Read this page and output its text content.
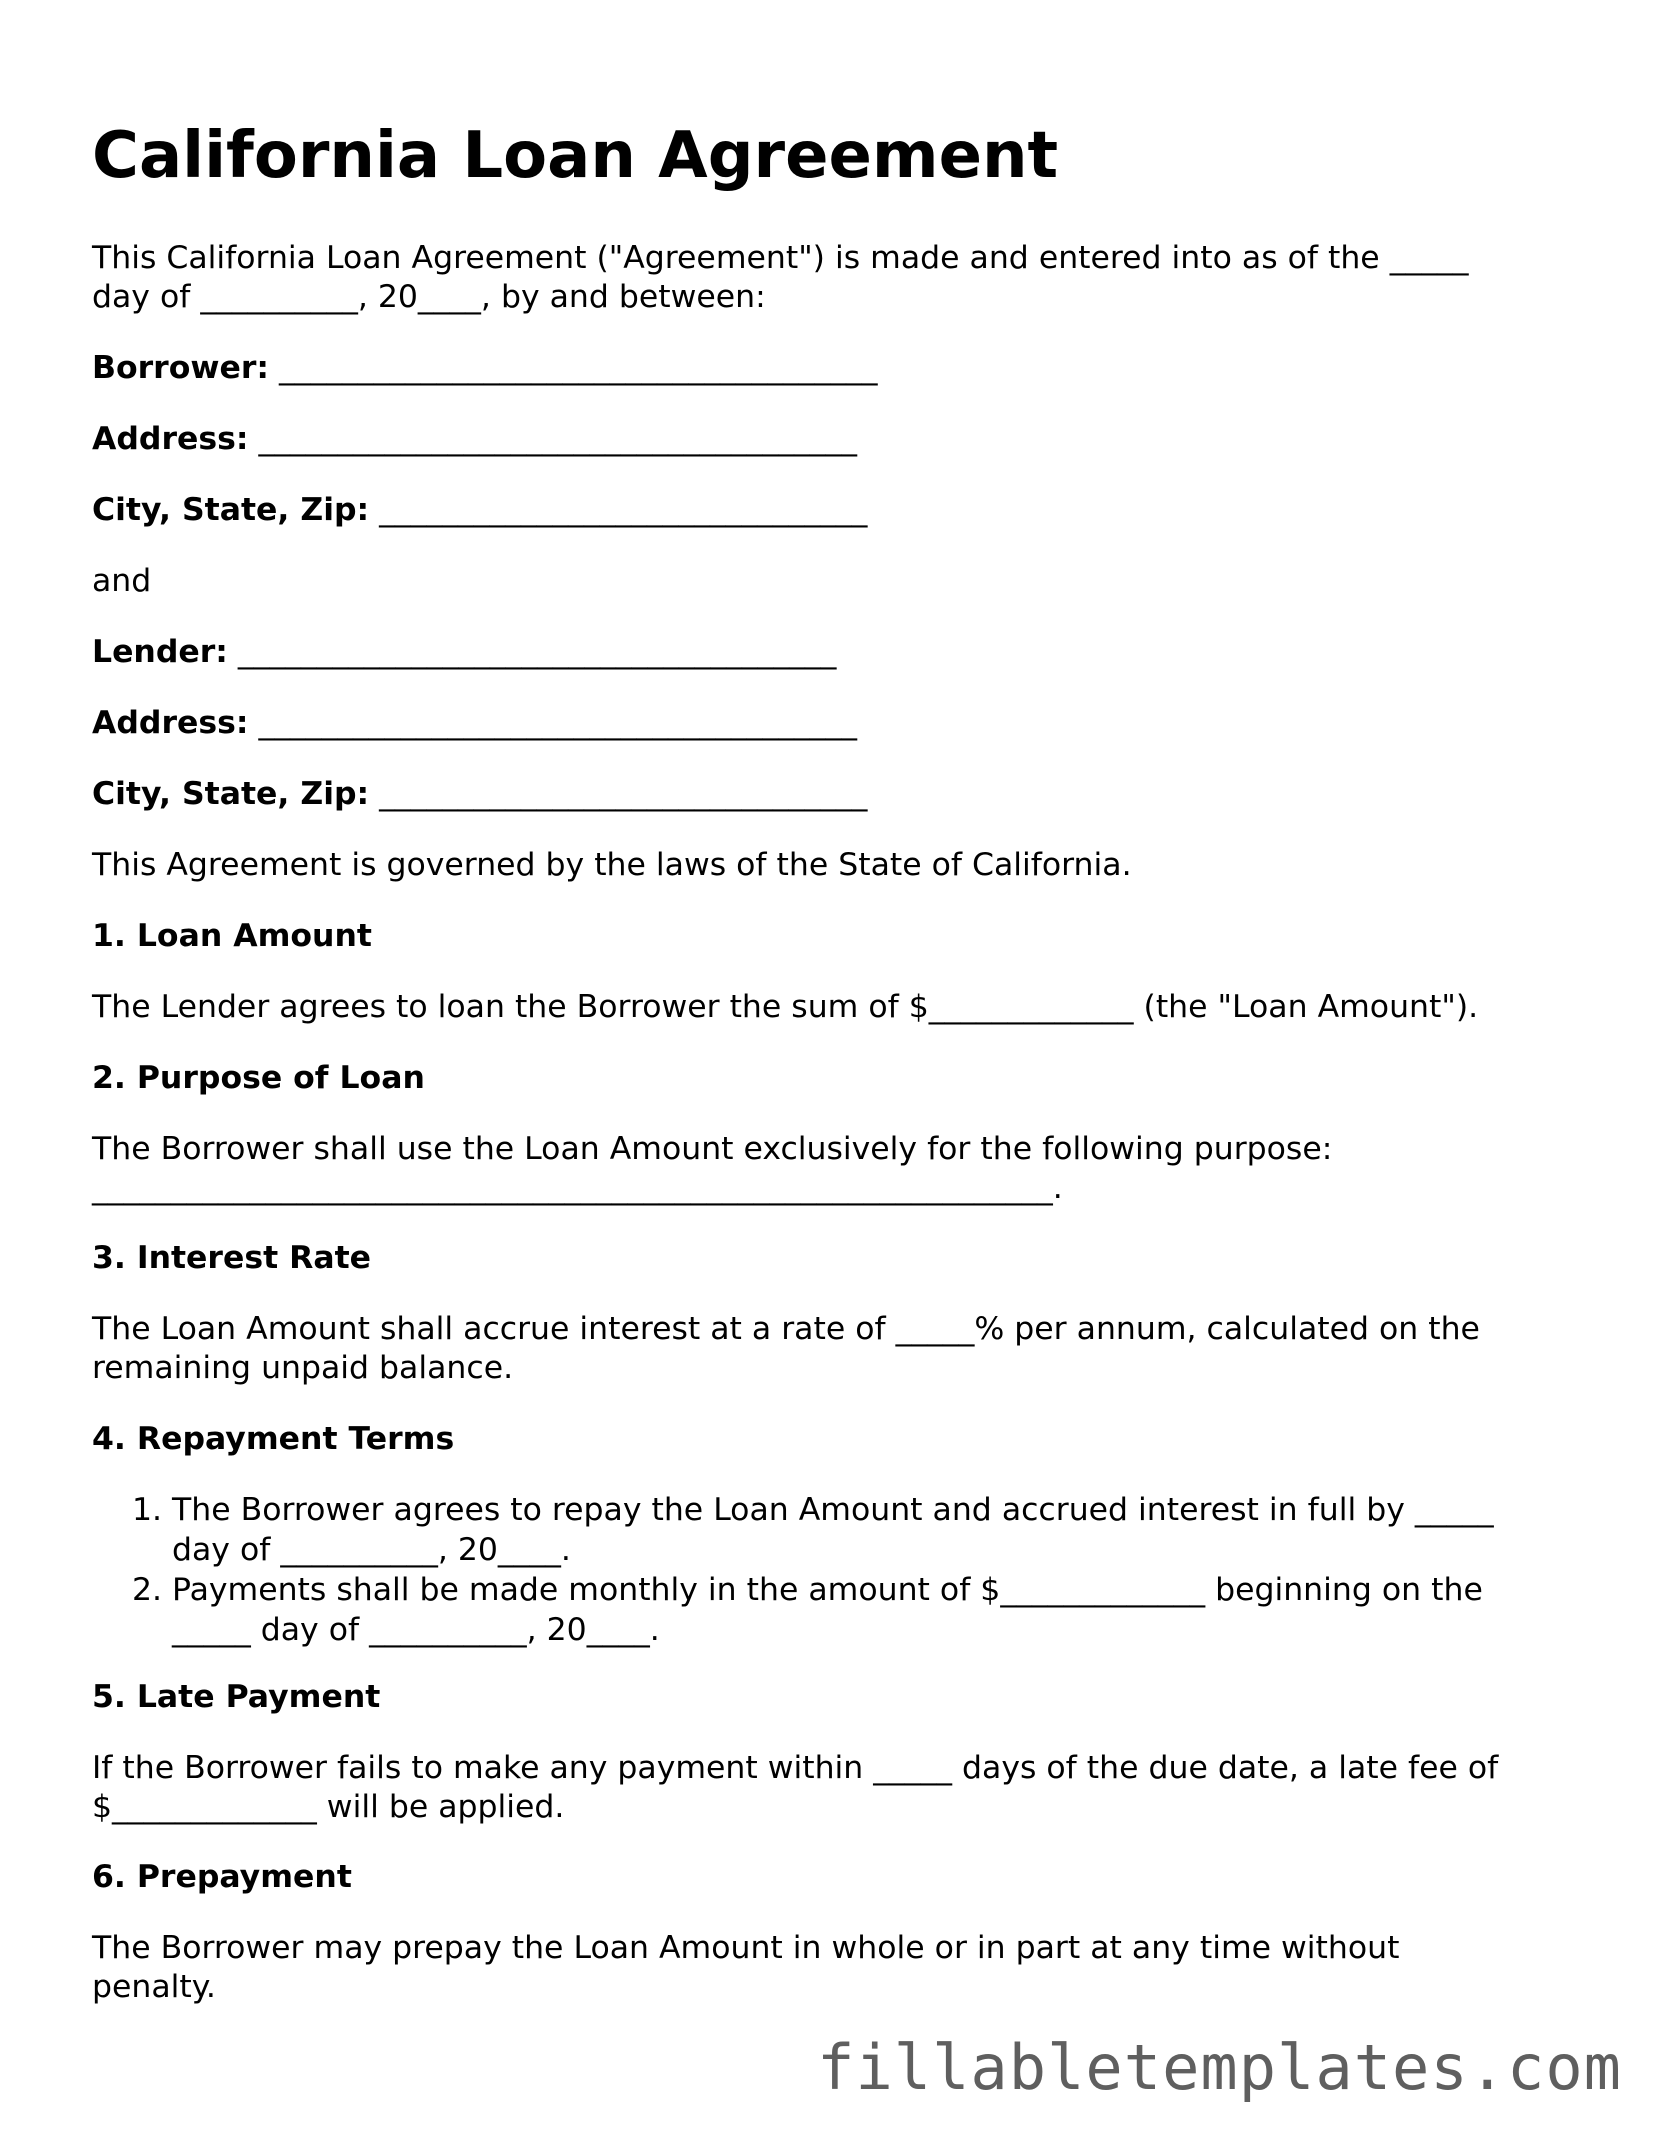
California Loan Agreement
This California Loan Agreement ("Agreement") is made and entered into as of the _____
day of __________, 20____, by and between:
Borrower: ______________________________________
Address: ______________________________________
City, State, Zip: _______________________________
and
Lender: ______________________________________
Address: ______________________________________
City, State, Zip: _______________________________
This Agreement is governed by the laws of the State of California.
1. Loan Amount
The Lender agrees to loan the Borrower the sum of $_____________ (the "Loan Amount").
2. Purpose of Loan
The Borrower shall use the Loan Amount exclusively for the following purpose:
_____________________________________________________________.
3. Interest Rate
The Loan Amount shall accrue interest at a rate of _____% per annum, calculated on the
remaining unpaid balance.
4. Repayment Terms
1. The Borrower agrees to repay the Loan Amount and accrued interest in full by _____
day of __________, 20____.
2. Payments shall be made monthly in the amount of $_____________ beginning on the
_____ day of __________, 20____.
5. Late Payment
If the Borrower fails to make any payment within _____ days of the due date, a late fee of
$_____________ will be applied.
6. Prepayment
The Borrower may prepay the Loan Amount in whole or in part at any time without
penalty.
fillabletemplates.com
